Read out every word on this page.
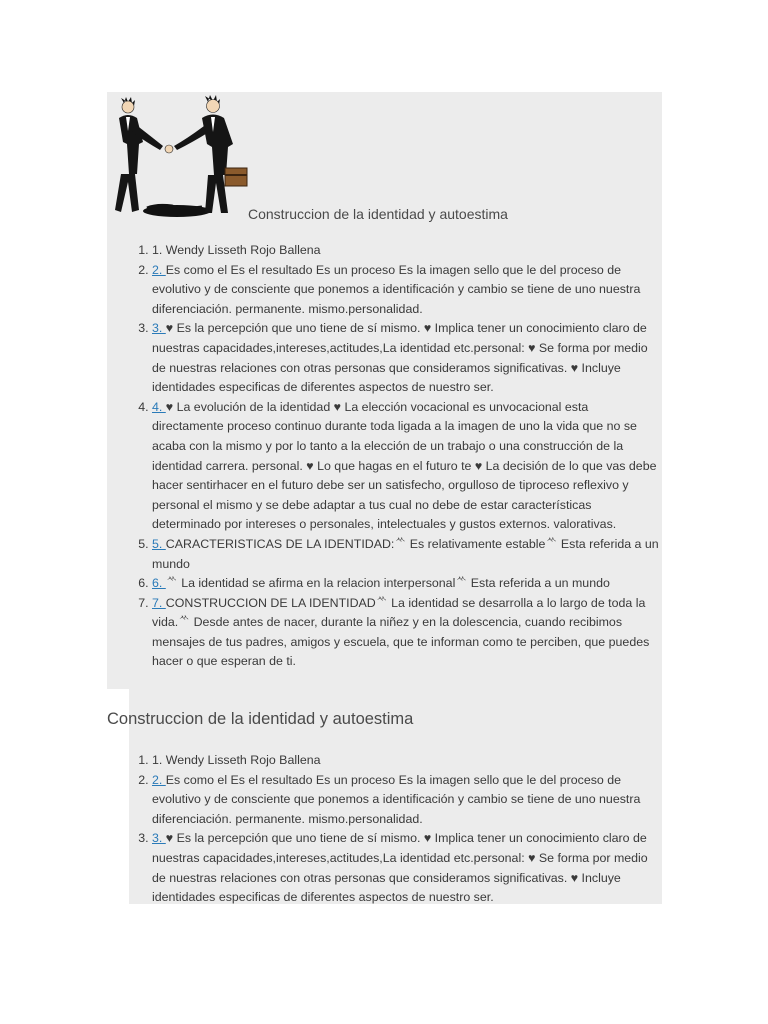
Construccion de la identidad y autoestima
1. 1. Wendy Lisseth Rojo Ballena
2. 2. Es como el Es el resultado Es un proceso Es la imagen sello que le del proceso de evolutivo y de consciente que ponemos a identificación y cambio se tiene de uno nuestra diferenciación. permanente. mismo.personalidad.
3. 3. ♥ Es la percepción que uno tiene de sí mismo. ♥ Implica tener un conocimiento claro de nuestras capacidades,intereses,actitudes,La identidad etc.personal: ♥ Se forma por medio de nuestras relaciones con otras personas que consideramos significativas. ♥ Incluye identidades especificas de diferentes aspectos de nuestro ser.
4. 4. ♥ La evolución de la identidad ♥ La elección vocacional es unvocacional esta directamente proceso continuo durante toda ligada a la imagen de uno la vida que no se acaba con la mismo y por lo tanto a la elección de un trabajo o una construcción de la identidad carrera. personal. ♥ Lo que hagas en el futuro te ♥ La decisión de lo que vas debe hacer sentirhacer en el futuro debe ser un satisfecho, orgulloso de tiproceso reflexivo y personal el mismo y se debe adaptar a tus cual no debe de estar características determinado por intereses o personales, intelectuales y gustos externos. valorativas.
5. 5. CARACTERISTICAS DE LA IDENTIDAD:ᄿ Es relativamente estableᄿ Esta referida a un mundo
6. 6. ᄿ La identidad se afirma en la relacion interpersonalᄿ Esta referida a un mundo
7. 7. CONSTRUCCION DE LA IDENTIDADᄿ La identidad se desarrolla a lo largo de toda la vida.ᄿ Desde antes de nacer, durante la niñez y en la dolescencia, cuando recibimos mensajes de tus padres, amigos y escuela, que te informan como te perciben, que puedes hacer o que esperan de ti.
Construccion de la identidad y autoestima
1. 1. Wendy Lisseth Rojo Ballena
2. 2. Es como el Es el resultado Es un proceso Es la imagen sello que le del proceso de evolutivo y de consciente que ponemos a identificación y cambio se tiene de uno nuestra diferenciación. permanente. mismo.personalidad.
3. 3. ♥ Es la percepción que uno tiene de sí mismo. ♥ Implica tener un conocimiento claro de nuestras capacidades,intereses,actitudes,La identidad etc.personal: ♥ Se forma por medio de nuestras relaciones con otras personas que consideramos significativas. ♥ Incluye identidades especificas de diferentes aspectos de nuestro ser.
